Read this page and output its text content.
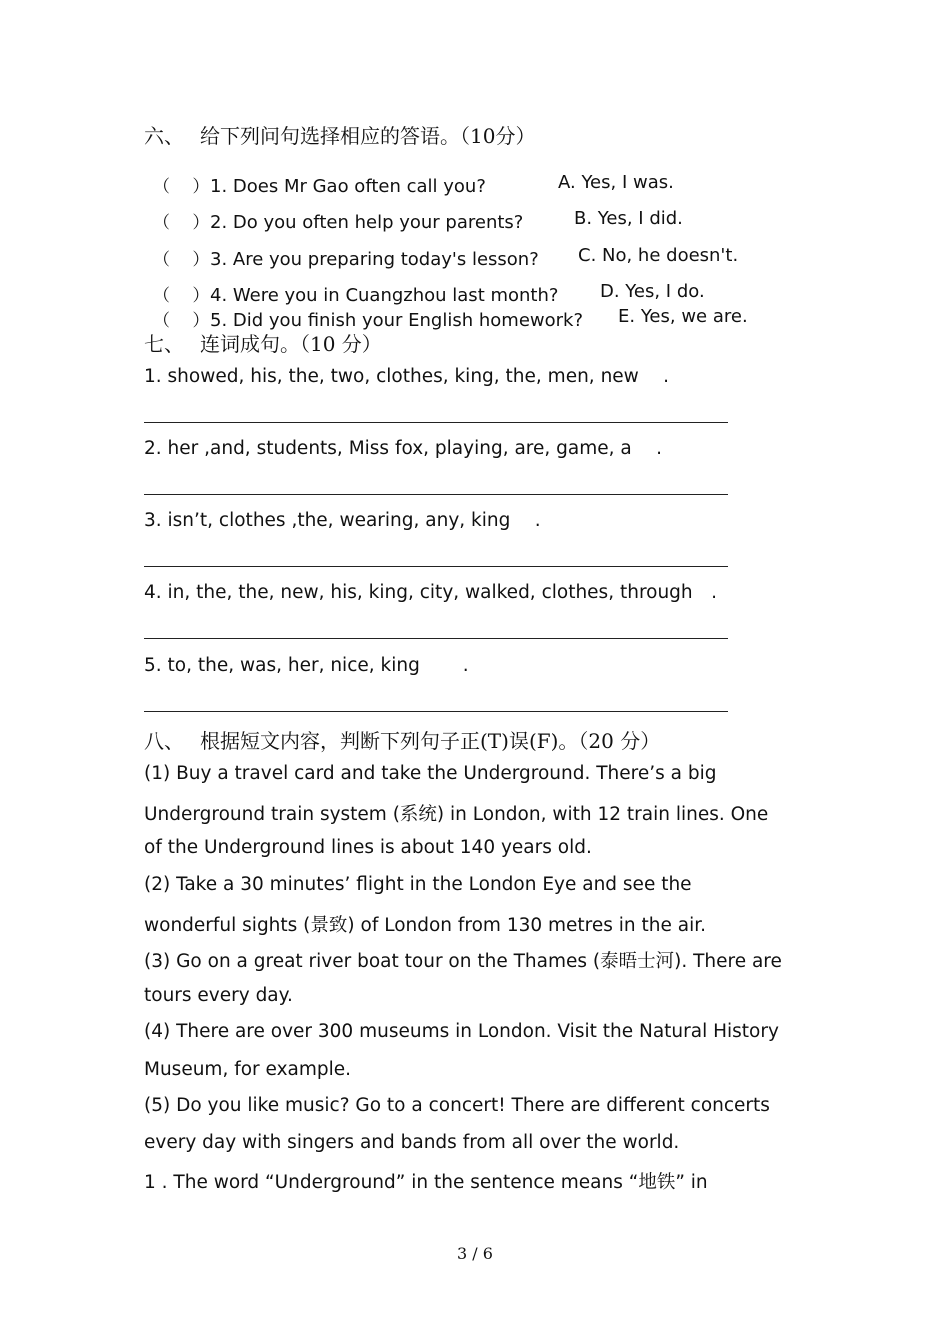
六、 给下列问句选择相应的答语。（10分）
（　 ）1. Does Mr Gao often call you?	A. Yes, I was.
（　 ）2. Do you often help your parents?	B. Yes, I did.
（　 ）3. Are you preparing today's lesson? C. No, he doesn't.
（　 ）4. Were you in Cuangzhou last month? D. Yes, I do.
（　 ）5. Did you finish your English homework? E. Yes, we are.
七、 连词成句。（10 分）
1. showed, his, the, two, clothes, king, the, men, new  .
2. her ,and, students, Miss fox, playing, are, game, a  .
3. isn’t, clothes ,the, wearing, any, king  .
4. in, the, the, new, his, king, city, walked, clothes, through .
5. to, the, was, her, nice, king   .
八、 根据短文内容，判断下列句子正(T)误(F)。（20 分）
(1) Buy a travel card and take the Underground. There’s a big
Underground train system (系统) in London, with 12 train lines. One
of the Underground lines is about 140 years old.
(2) Take a 30 minutes’ flight in the London Eye and see the
wonderful sights (景致) of London from 130 metres in the air.
(3) Go on a great river boat tour on the Thames (泰晤士河). There are
tours every day.
(4) There are over 300 museums in London. Visit the Natural History
Museum, for example.
(5) Do you like music? Go to a concert! There are different concerts
every day with singers and bands from all over the world.
1 . The word “Underground” in the sentence means “地铁” in
3 / 6
